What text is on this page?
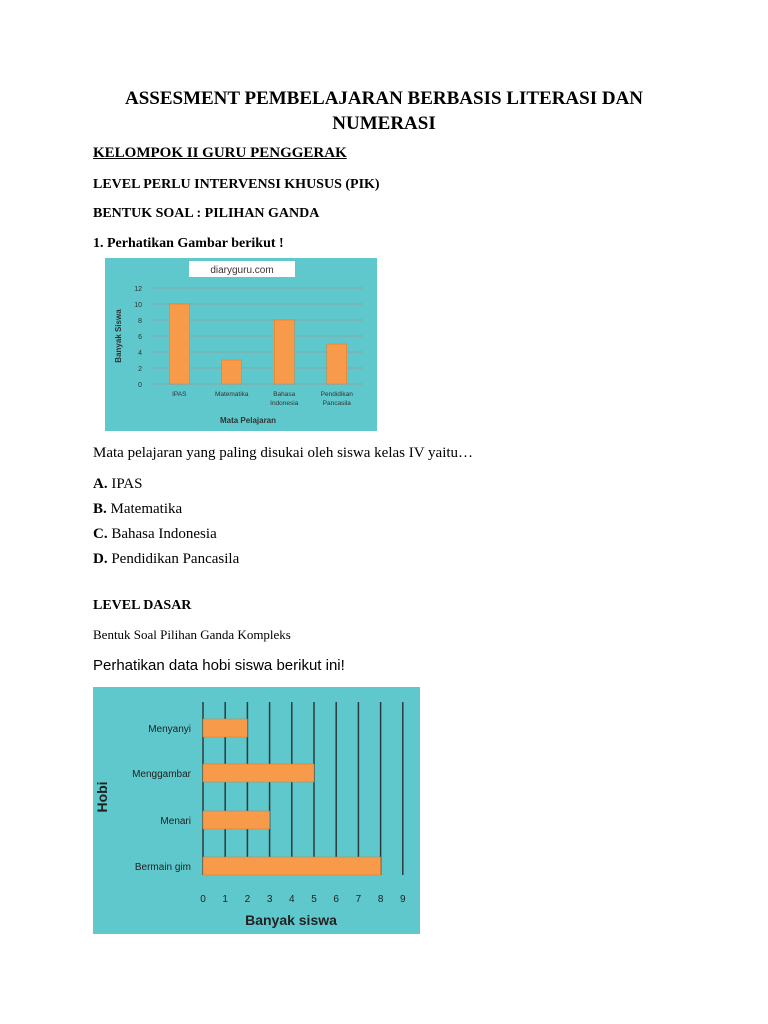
ASSESMENT PEMBELAJARAN BERBASIS LITERASI DAN
NUMERASI
KELOMPOK II GURU PENGGERAK
LEVEL PERLU INTERVENSI KHUSUS (PIK)
BENTUK SOAL : PILIHAN GANDA
1. Perhatikan Gambar berikut !
diaryguru.com
0
2
4
6
8
10
12
IPAS	Matematika	Bahasa
Indonesia
Pendidikan
Pancasila
Mata Pelajaran
Banyak Siswa
Mata pelajaran yang paling disukai oleh siswa kelas IV yaitu…
A. IPAS
B. Matematika
C. Bahasa Indonesia
D. Pendidikan Pancasila
LEVEL DASAR
Bentuk Soal Pilihan Ganda Kompleks
Perhatikan data hobi siswa berikut ini!
0 1 2 3 4 5 6 7 8 9
Menyanyi
Menggambar
Menari
Bermain gim
Banyak siswa
Hobi
